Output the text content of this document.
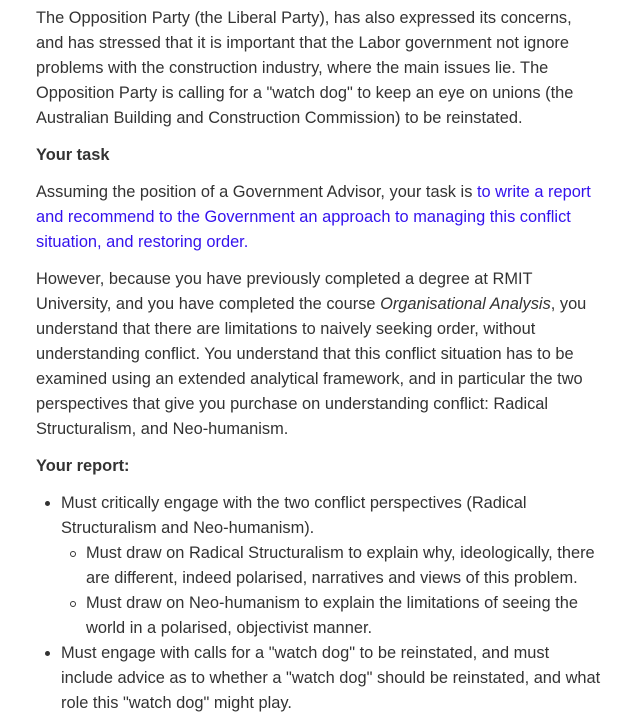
The Opposition Party (the Liberal Party), has also expressed its concerns, and has stressed that it is important that the Labor government not ignore problems with the construction industry, where the main issues lie. The Opposition Party is calling for a "watch dog" to keep an eye on unions (the Australian Building and Construction Commission) to be reinstated.

Your task

Assuming the position of a Government Advisor, your task is to write a report and recommend to the Government an approach to managing this conflict situation, and restoring order.

However, because you have previously completed a degree at RMIT University, and you have completed the course Organisational Analysis, you understand that there are limitations to naively seeking order, without understanding conflict. You understand that this conflict situation has to be examined using an extended analytical framework, and in particular the two perspectives that give you purchase on understanding conflict: Radical Structuralism, and Neo-humanism.

Your report:
Must critically engage with the two conflict perspectives (Radical Structuralism and Neo-humanism).
Must draw on Radical Structuralism to explain why, ideologically, there are different, indeed polarised, narratives and views of this problem.
Must draw on Neo-humanism to explain the limitations of seeing the world in a polarised, objectivist manner.
Must engage with calls for a "watch dog" to be reinstated, and must include advice as to whether a "watch dog" should be reinstated, and what role this "watch dog" might play.
